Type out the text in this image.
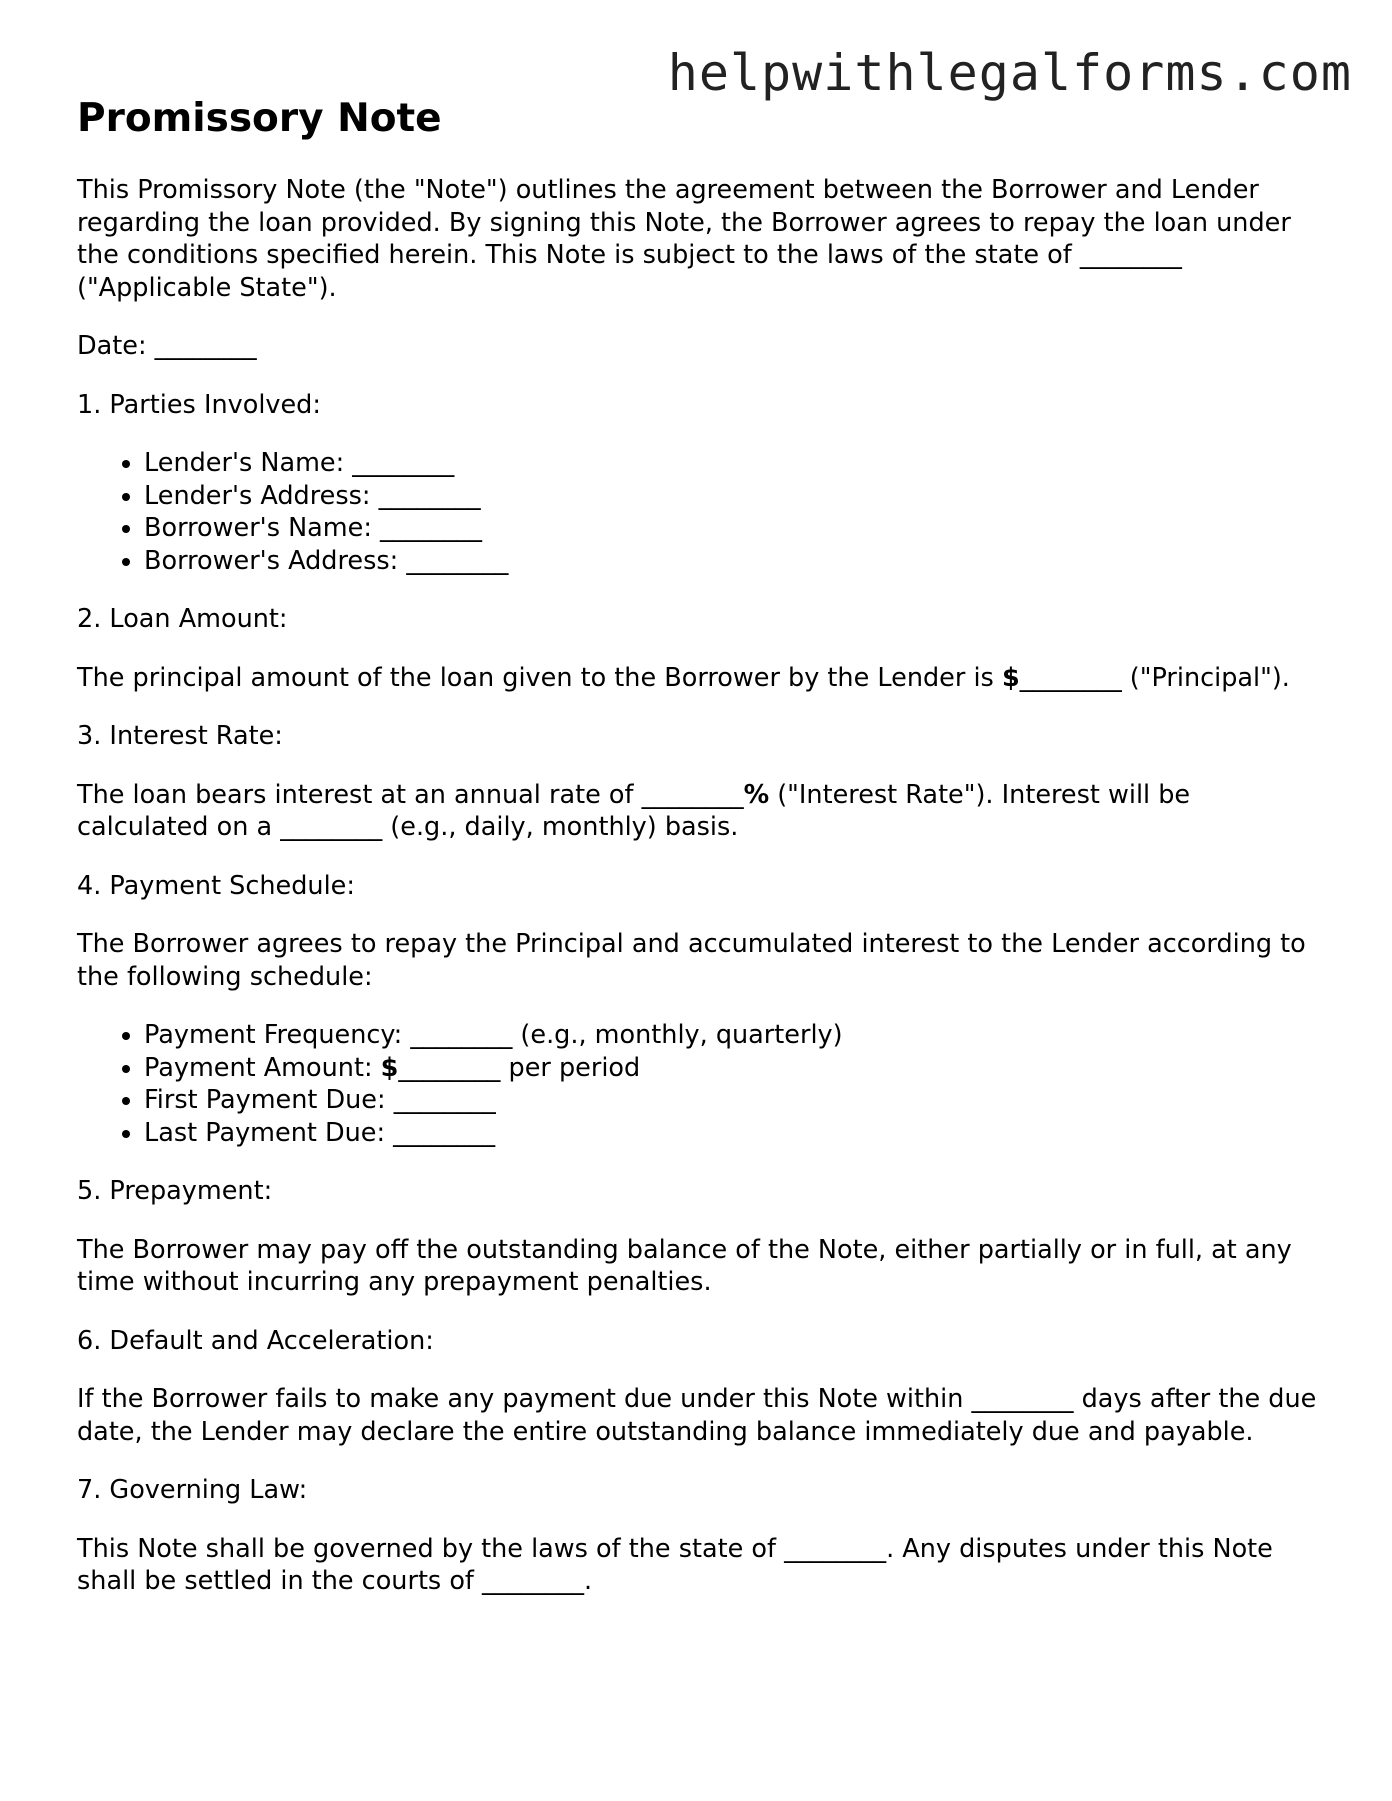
helpwithlegalforms.com
Promissory Note

This Promissory Note (the "Note") outlines the agreement between the Borrower and Lender regarding the loan provided. By signing this Note, the Borrower agrees to repay the loan under the conditions specified herein. This Note is subject to the laws of the state of ________ ("Applicable State").

Date: ________

1. Parties Involved:

• Lender's Name: ________
• Lender's Address: ________
• Borrower's Name: ________
• Borrower's Address: ________

2. Loan Amount:

The principal amount of the loan given to the Borrower by the Lender is $________ ("Principal").

3. Interest Rate:

The loan bears interest at an annual rate of ________% ("Interest Rate"). Interest will be calculated on a ________ (e.g., daily, monthly) basis.

4. Payment Schedule:

The Borrower agrees to repay the Principal and accumulated interest to the Lender according to the following schedule:

• Payment Frequency: ________ (e.g., monthly, quarterly)
• Payment Amount: $________ per period
• First Payment Due: ________
• Last Payment Due: ________

5. Prepayment:

The Borrower may pay off the outstanding balance of the Note, either partially or in full, at any time without incurring any prepayment penalties.

6. Default and Acceleration:

If the Borrower fails to make any payment due under this Note within ________ days after the due date, the Lender may declare the entire outstanding balance immediately due and payable.

7. Governing Law:

This Note shall be governed by the laws of the state of ________. Any disputes under this Note shall be settled in the courts of ________.
